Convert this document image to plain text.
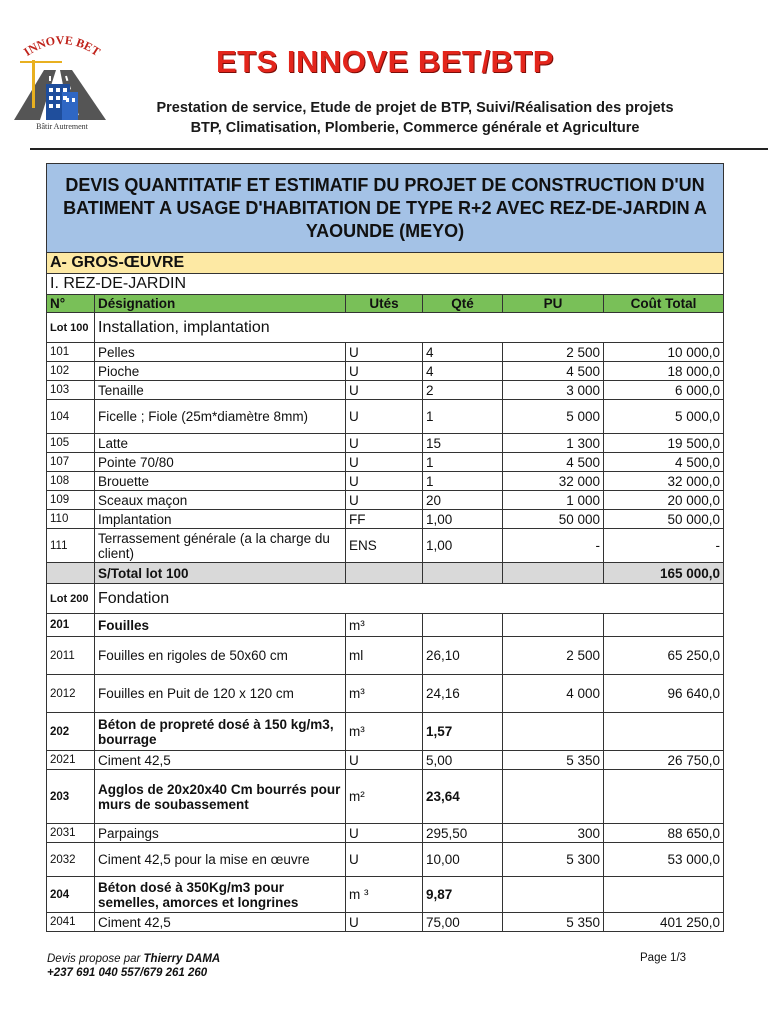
INNOVE BET
Bâtir Autrement
ETS INNOVE BET/BTP
Prestation de service, Etude de projet de BTP, Suivi/Réalisation des projets
BTP, Climatisation, Plomberie, Commerce générale et Agriculture
DEVIS QUANTITATIF ET ESTIMATIF DU PROJET DE CONSTRUCTION D'UN BATIMENT A USAGE D'HABITATION DE TYPE R+2 AVEC REZ-DE-JARDIN A YAOUNDE (MEYO)					
A- GROS-ŒUVRE					
I. REZ-DE-JARDIN					
N°	Désignation	Utés	Qté	PU	Coût Total
Lot 100	Installation, implantation				
101	Pelles	U	4	2 500	10 000,0
102	Pioche	U	4	4 500	18 000,0
103	Tenaille	U	2	3 000	6 000,0
104	Ficelle ; Fiole (25m*diamètre 8mm)	U	1	5 000	5 000,0
105	Latte	U	15	1 300	19 500,0
107	Pointe 70/80	U	1	4 500	4 500,0
108	Brouette	U	1	32 000	32 000,0
109	Sceaux maçon	U	20	1 000	20 000,0
110	Implantation	FF	1,00	50 000	50 000,0
111	Terrassement générale (a la charge du client)	ENS	1,00	-	-
	S/Total lot 100				165 000,0
Lot 200	Fondation				
201	Fouilles	m³			
2011	Fouilles en rigoles de 50x60 cm	ml	26,10	2 500	65 250,0
2012	Fouilles en Puit de 120 x 120 cm	m³	24,16	4 000	96 640,0
202	Béton de propreté dosé à 150 kg/m3, bourrage	m³	1,57		
2021	Ciment 42,5	U	5,00	5 350	26 750,0
203	Agglos de 20x20x40 Cm bourrés pour murs de soubassement	m²	23,64		
2031	Parpaings	U	295,50	300	88 650,0
2032	Ciment 42,5 pour la mise en œuvre	U	10,00	5 300	53 000,0
204	Béton dosé à 350Kg/m3 pour semelles, amorces et longrines	m ³	9,87		
2041	Ciment 42,5	U	75,00	5 350	401 250,0
Devis propose par Thierry DAMA
+237 691 040 557/679 261 260
Page 1/3
